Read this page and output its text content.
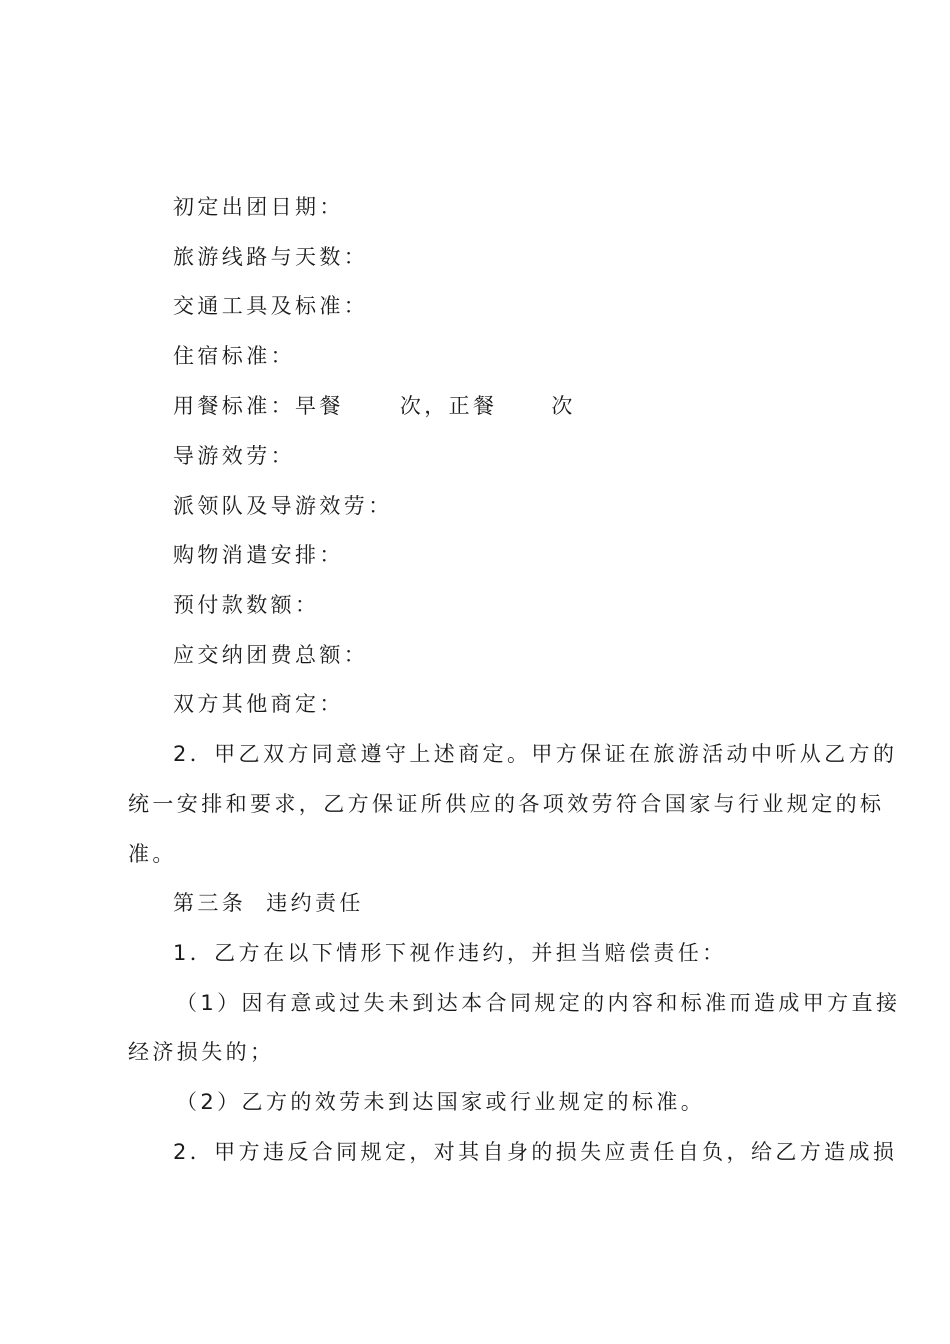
初定出团日期：
旅游线路与天数：
交通工具及标准：
住宿标准：
用餐标准：早餐	次，正餐	次
导游效劳：
派领队及导游效劳：
购物消遣安排：
预付款数额：
应交纳团费总额：
双方其他商定：
2．甲乙双方同意遵守上述商定。甲方保证在旅游活动中听从乙方的
统一安排和要求，乙方保证所供应的各项效劳符合国家与行业规定的标
准。
第三条 违约责任
1．乙方在以下情形下视作违约，并担当赔偿责任：
（1）因有意或过失未到达本合同规定的内容和标准而造成甲方直接
经济损失的；
（2）乙方的效劳未到达国家或行业规定的标准。
2．甲方违反合同规定，对其自身的损失应责任自负，给乙方造成损
